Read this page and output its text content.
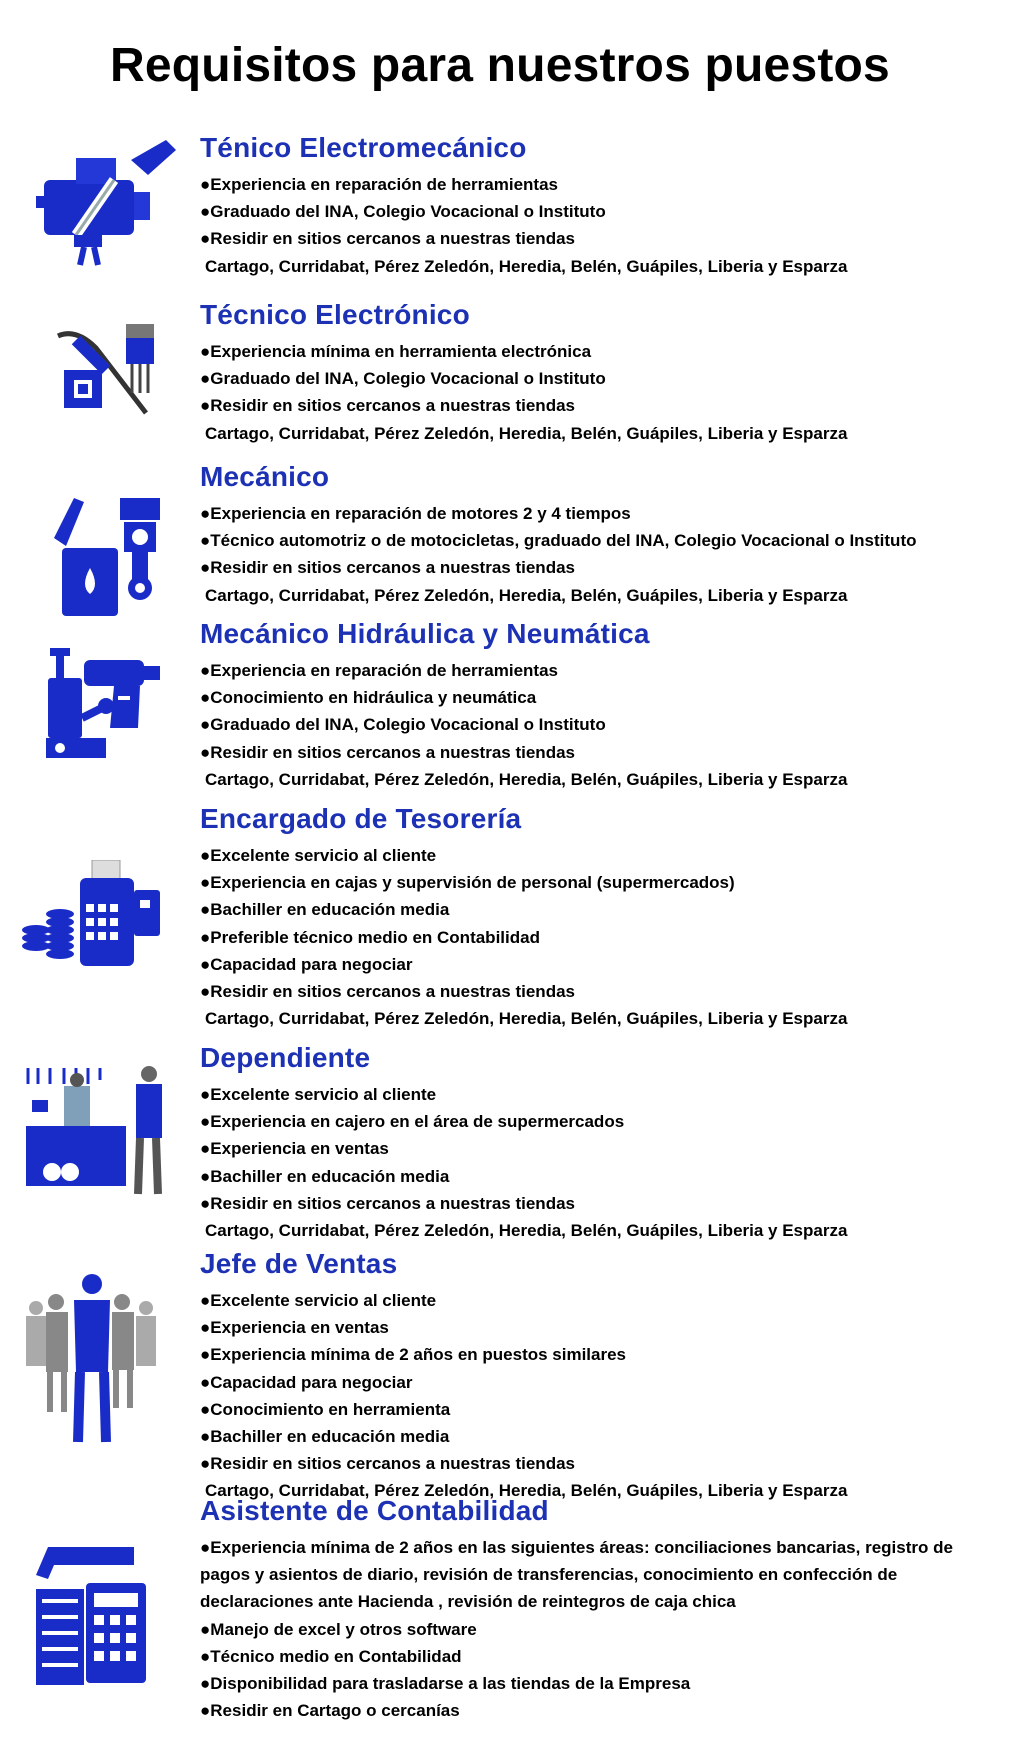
Requisitos para nuestros puestos
Ténico Electromecánico
●Experiencia en reparación de herramientas
●Graduado del INA, Colegio Vocacional o Instituto
●Residir en sitios cercanos a nuestras tiendas
Cartago, Curridabat, Pérez Zeledón, Heredia, Belén, Guápiles, Liberia y Esparza
Técnico Electrónico
●Experiencia mínima en herramienta electrónica
●Graduado del INA, Colegio Vocacional o Instituto
●Residir en sitios cercanos a nuestras tiendas
Cartago, Curridabat, Pérez Zeledón, Heredia, Belén, Guápiles, Liberia y Esparza
Mecánico
●Experiencia en reparación de motores 2 y 4 tiempos
●Técnico automotriz o de motocicletas, graduado del INA, Colegio Vocacional o Instituto
●Residir en sitios cercanos a nuestras tiendas
Cartago, Curridabat, Pérez Zeledón, Heredia, Belén, Guápiles, Liberia y Esparza
Mecánico Hidráulica y Neumática
●Experiencia en reparación de herramientas
●Conocimiento en hidráulica y neumática
●Graduado del INA, Colegio Vocacional o Instituto
●Residir en sitios cercanos a nuestras tiendas
Cartago, Curridabat, Pérez Zeledón, Heredia, Belén, Guápiles, Liberia y Esparza
Encargado de Tesorería
●Excelente servicio al cliente
●Experiencia en cajas y supervisión de personal (supermercados)
●Bachiller en educación media
●Preferible técnico medio en Contabilidad
●Capacidad para negociar
●Residir en sitios cercanos a nuestras tiendas
Cartago, Curridabat, Pérez Zeledón, Heredia, Belén, Guápiles, Liberia y Esparza
Dependiente
●Excelente servicio al cliente
●Experiencia en cajero en el área de supermercados
●Experiencia en ventas
●Bachiller en educación media
●Residir en sitios cercanos a nuestras tiendas
Cartago, Curridabat, Pérez Zeledón, Heredia, Belén, Guápiles, Liberia y Esparza
Jefe de Ventas
●Excelente servicio al cliente
●Experiencia en ventas
●Experiencia mínima de 2 años en puestos similares
●Capacidad para negociar
●Conocimiento en herramienta
●Bachiller en educación media
●Residir en sitios cercanos a nuestras tiendas
Cartago, Curridabat, Pérez Zeledón, Heredia, Belén, Guápiles, Liberia y Esparza
Asistente de Contabilidad
●Experiencia mínima de 2 años en las siguientes áreas: conciliaciones bancarias, registro de pagos y asientos de diario, revisión de transferencias, conocimiento en confección de declaraciones ante Hacienda , revisión de reintegros de caja chica
●Manejo de excel y otros software
●Técnico medio en Contabilidad
●Disponibilidad para trasladarse a las tiendas de la Empresa
●Residir en Cartago o cercanías
